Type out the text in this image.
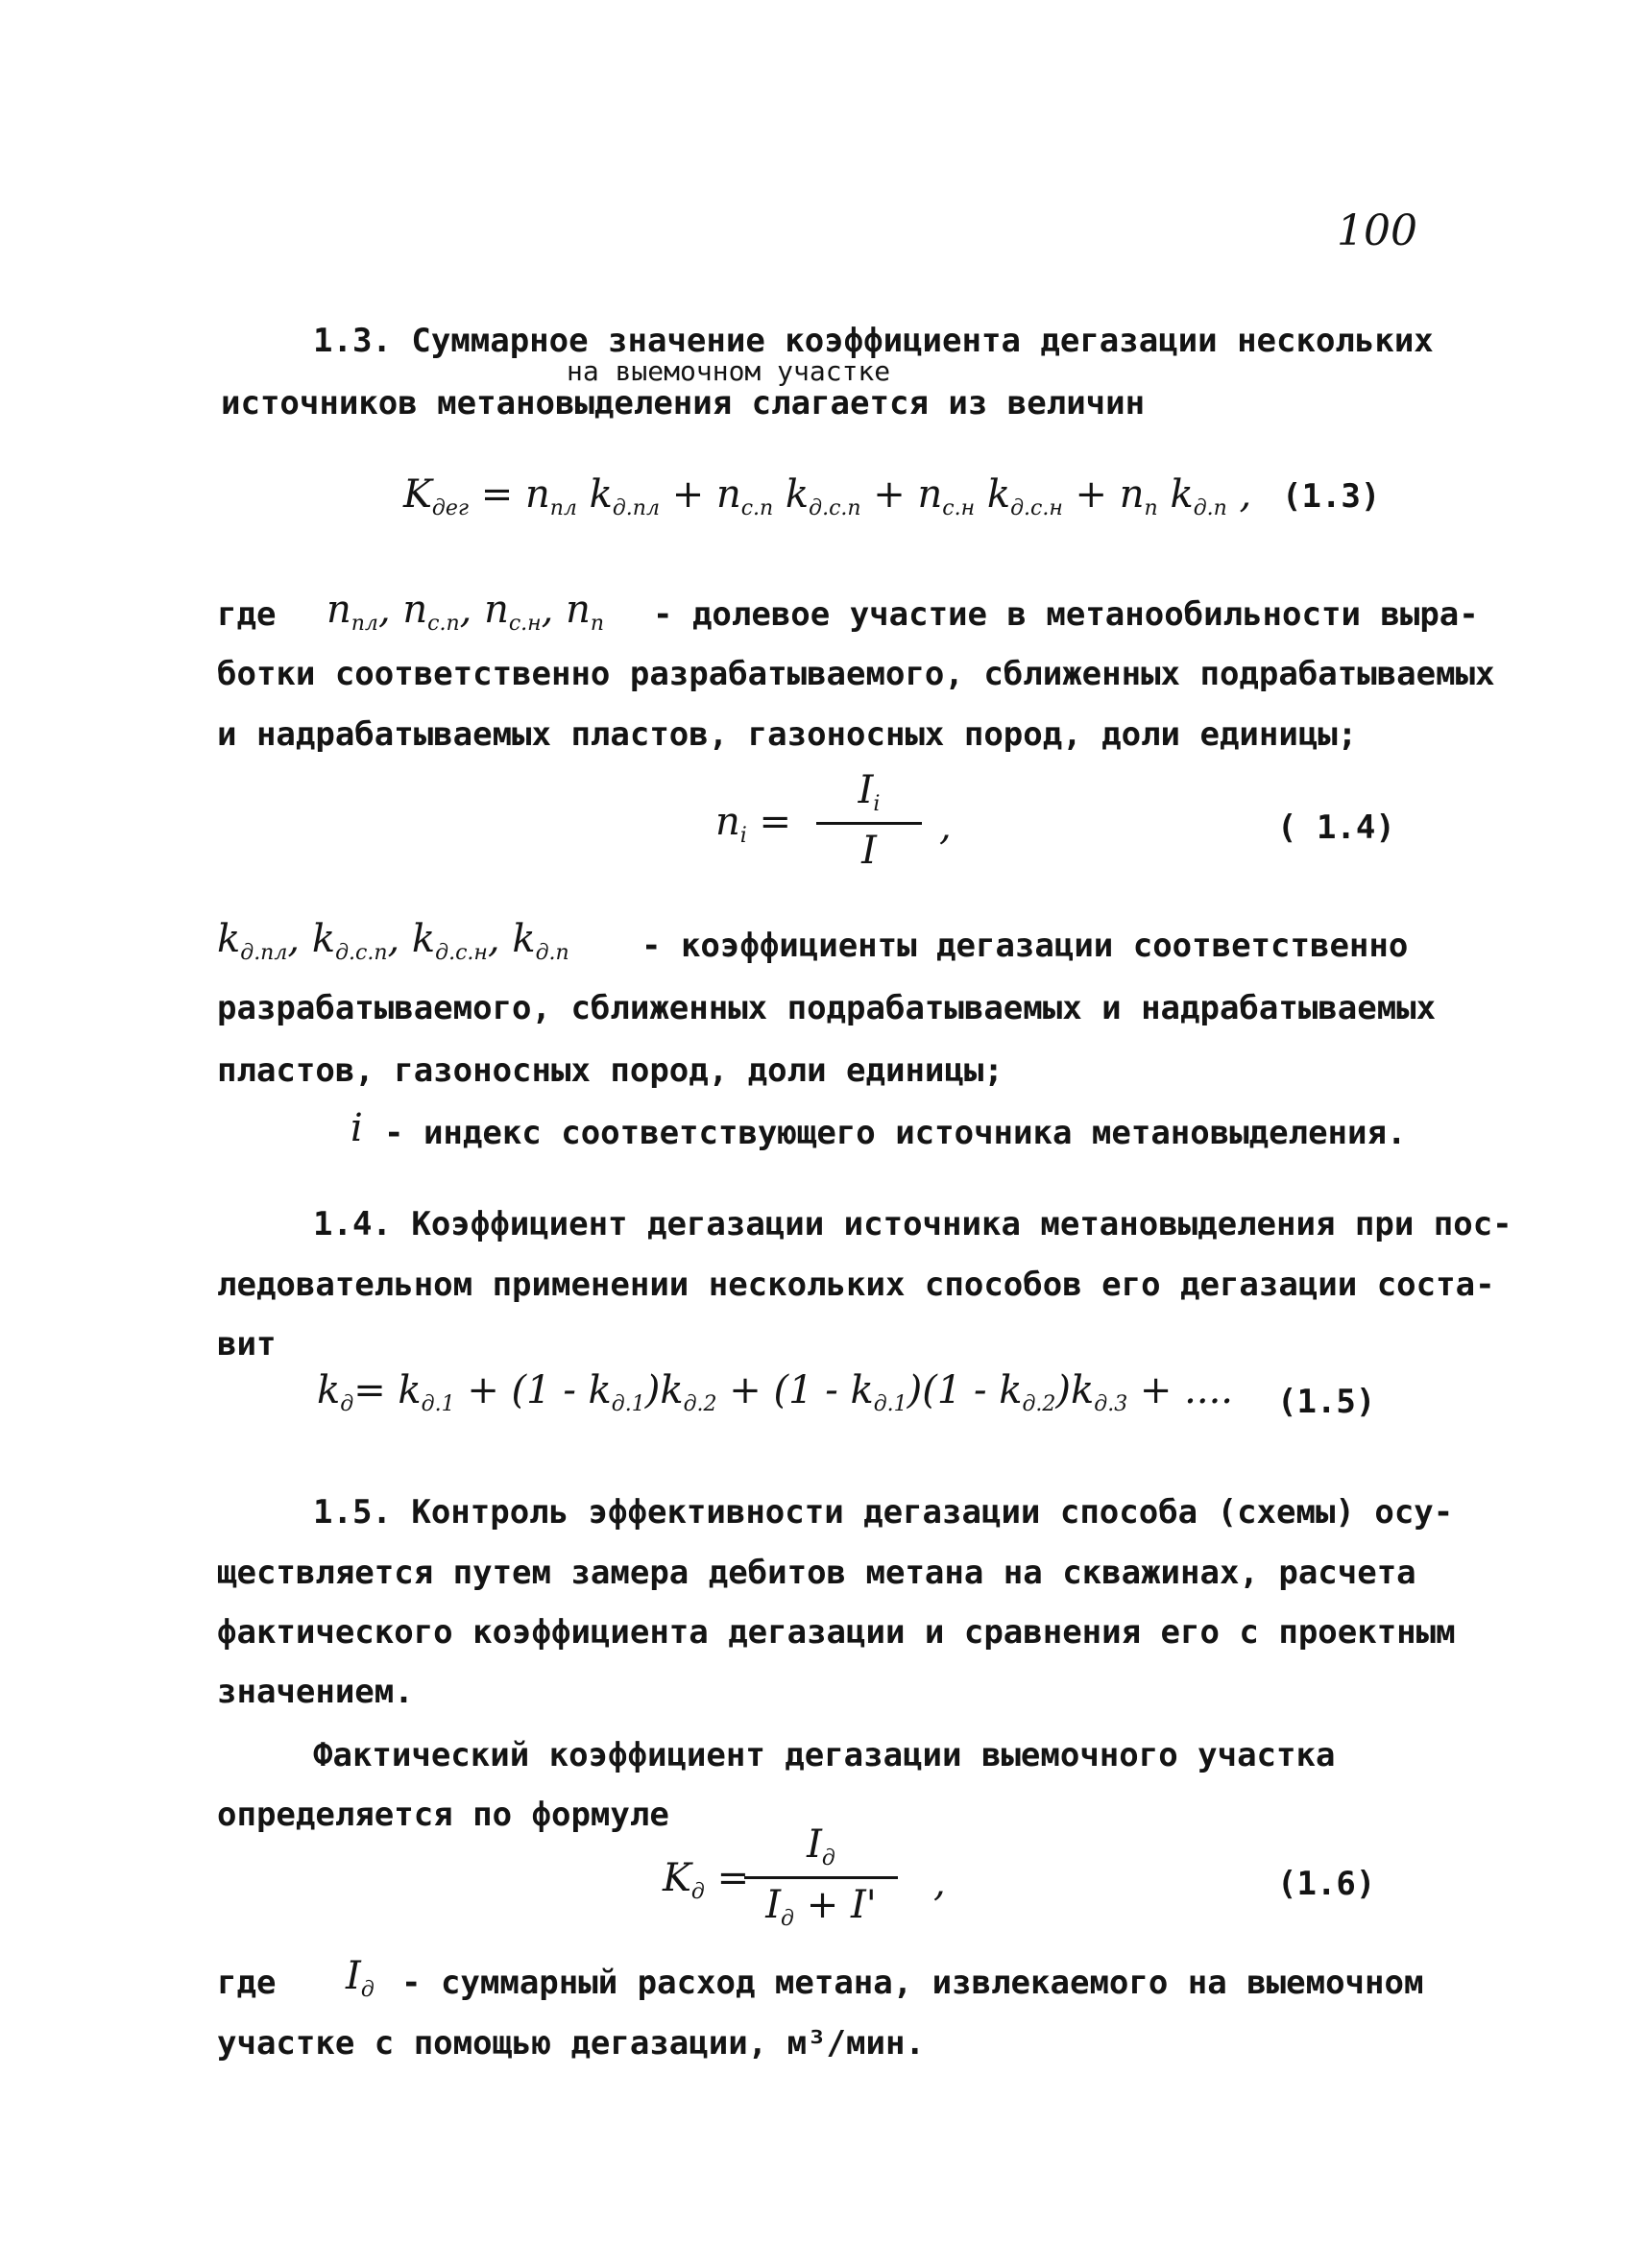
100
1.3. Суммарное значение коэффициента дегазации нескольких
на выемочном участке
источников метановыделения слагается из величин
$K_{дег} = n_{пл}$ $k_{д.пл} + n_{с.п}$ $k_{д.с.п} + n_{с.н}$ $k_{д.с.н} + n_п$ $k_{д.п}$ , (1.3)
где $n_{пл}$, $n_{с.п}$, $n_{с.н}$, $n_п$ - долевое участие в метанообильности выра-
ботки соответственно разрабатываемого, сближенных подрабатываемых
и надрабатываемых пластов, газоносных пород, доли единицы;
$n_i$ =
$I_i$
I
,	( 1.4)
$k_{д.пл}$, $k_{д.с.п}$, $k_{д.с.н}$, $k_{д.п}$ - коэффициенты дегазации соответственно
разрабатываемого, сближенных подрабатываемых и надрабатываемых
пластов, газоносных пород, доли единицы;
i - индекс соответствующего источника метановыделения.
1.4. Коэффициент дегазации источника метановыделения при пос-
ледовательном применении нескольких способов его дегазации соста-
вит
$k_д= k_{д.1} + (1 - k_{д.1})k_{д.2} + (1 - k_{д.1})(1 - k_{д.2})k_{д.3}$ + .... (1.5)
1.5. Контроль эффективности дегазации способа (схемы) осу-
ществляется путем замера дебитов метана на скважинах, расчета
фактического коэффициента дегазации и сравнения его с проектным
значением.
Фактический коэффициент дегазации выемочного участка
определяется по формуле
$K_д$ =
$I_д$
$I_д + I'$	,	(1.6)
где $I_д$ - суммарный расход метана, извлекаемого на выемочном
участке с помощью дегазации, м³/мин.
